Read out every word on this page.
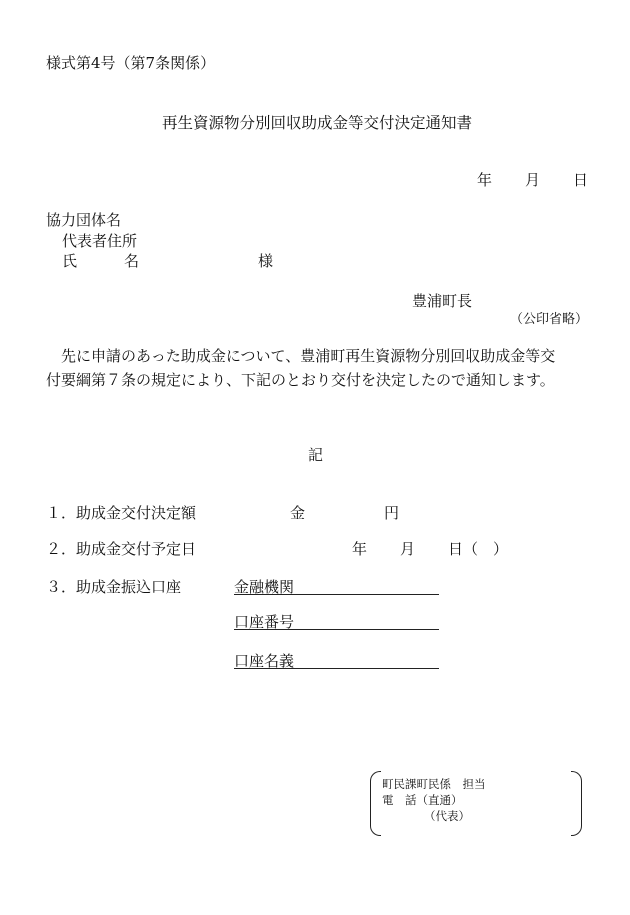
様式第4号（第7条関係）
再生資源物分別回収助成金等交付決定通知書
年 月 日
協力団体名
代表者住所
氏	名	様
豊浦町長
（公印省略）
　先に申請のあった助成金について、豊浦町再生資源物分別回収助成金等交
付要綱第７条の規定により、下記のとおり交付を決定したので通知します。
記
１． 助成金交付決定額	金	円
２． 助成金交付予定日	年 月 日（　）
３． 助成金振込口座	金融機関
口座番号
口座名義
町民課町民係　担当
電　話（直通）
（代表）
